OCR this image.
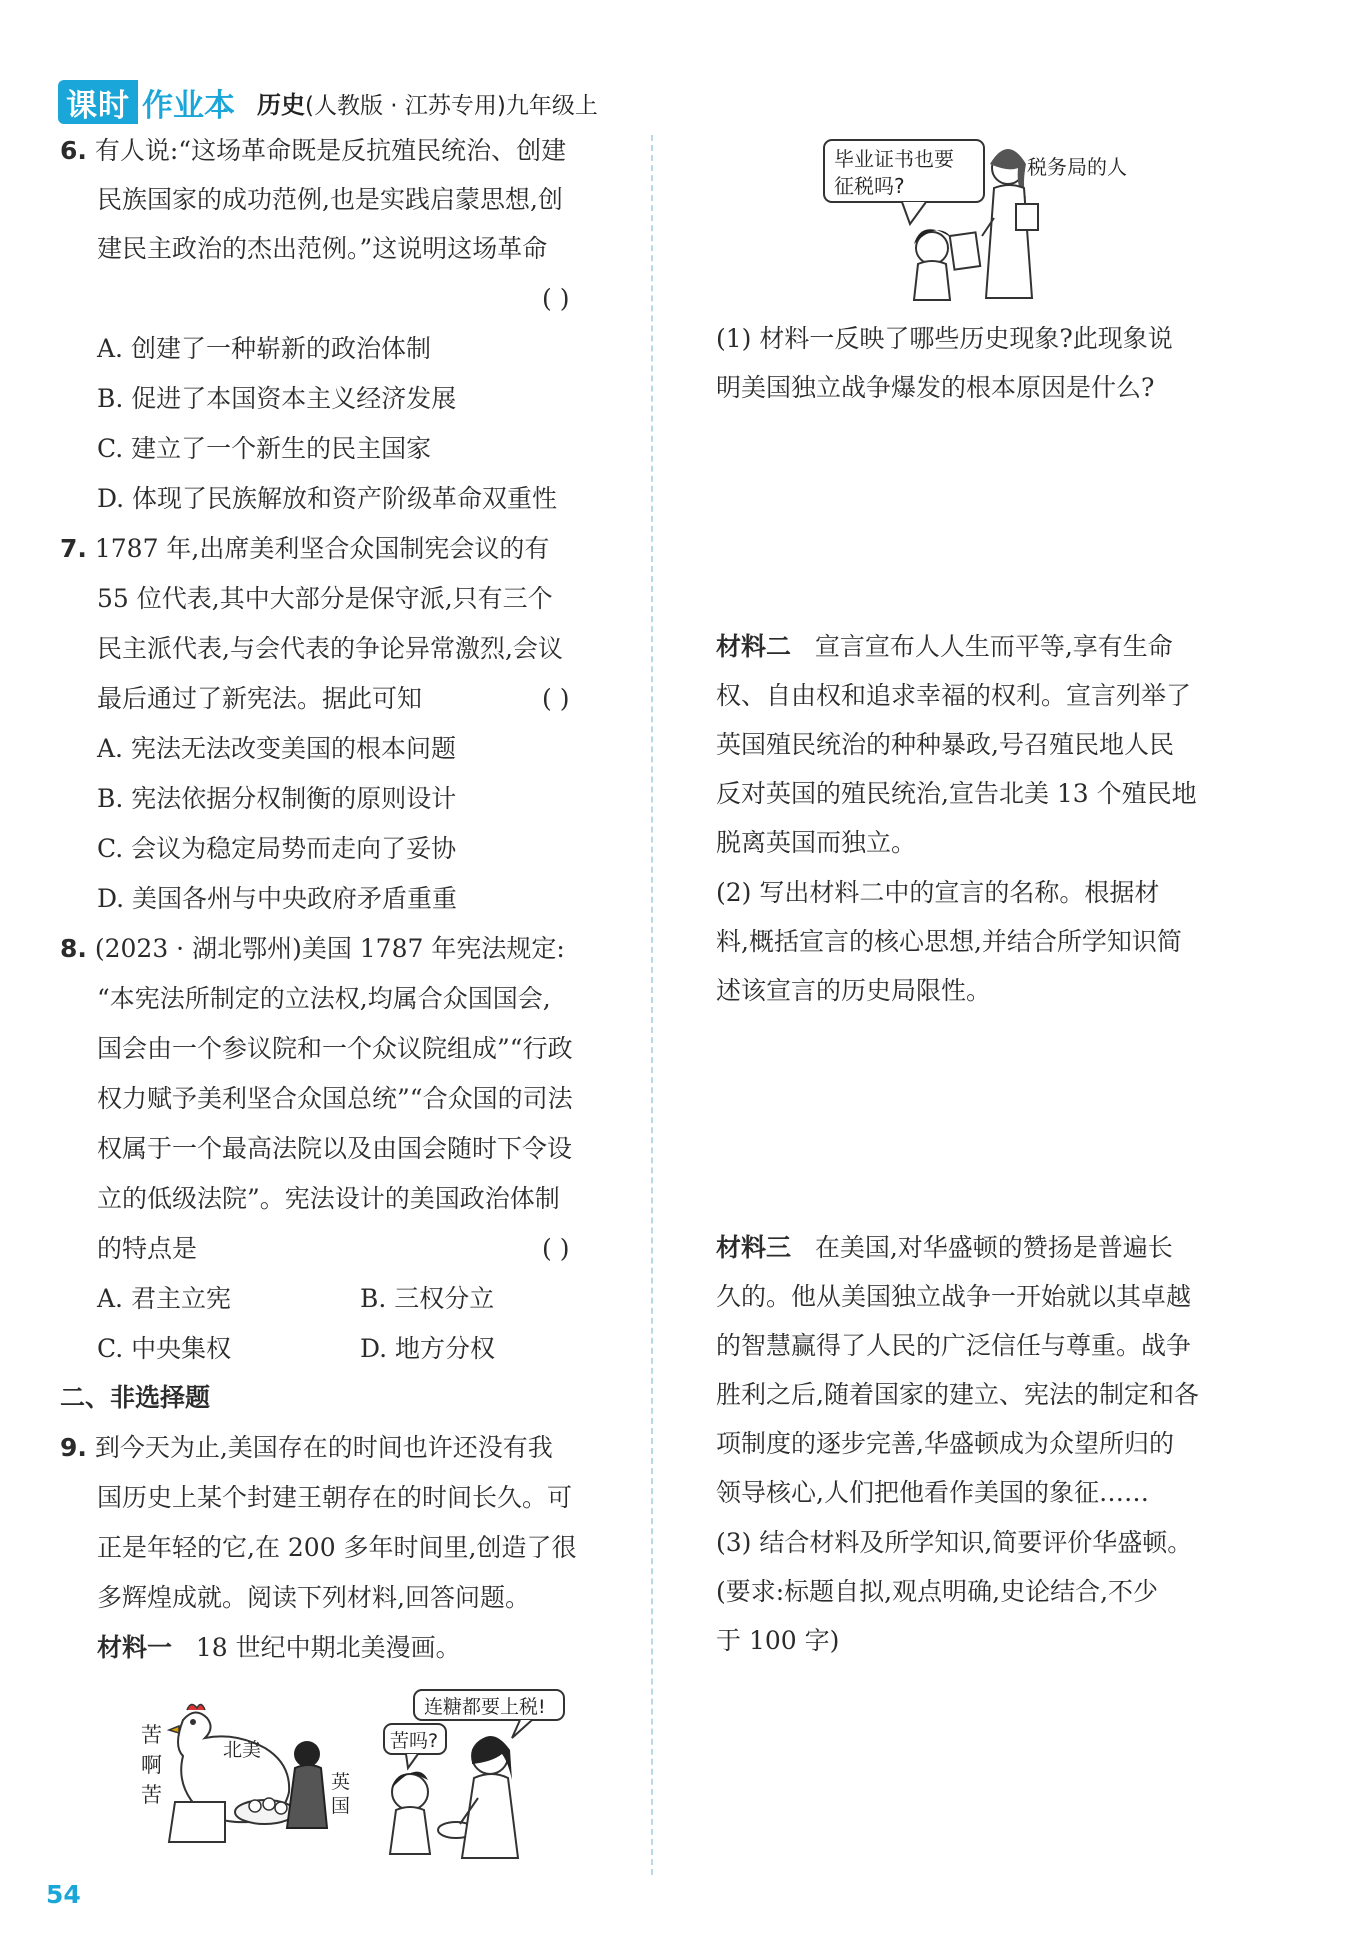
课时 作业本 历史(人教版 · 江苏专用)九年级上
6. 有人说:“这场革命既是反抗殖民统治、创建
民族国家的成功范例,也是实践启蒙思想,创
建民主政治的杰出范例。”这说明这场革命
( )
A. 创建了一种崭新的政治体制
B. 促进了本国资本主义经济发展
C. 建立了一个新生的民主国家
D. 体现了民族解放和资产阶级革命双重性
7. 1787 年,出席美利坚合众国制宪会议的有
55 位代表,其中大部分是保守派,只有三个
民主派代表,与会代表的争论异常激烈,会议
最后通过了新宪法。据此可知	( )
A. 宪法无法改变美国的根本问题
B. 宪法依据分权制衡的原则设计
C. 会议为稳定局势而走向了妥协
D. 美国各州与中央政府矛盾重重
8. (2023 · 湖北鄂州)美国 1787 年宪法规定:
“本宪法所制定的立法权,均属合众国国会,
国会由一个参议院和一个众议院组成”“行政
权力赋予美利坚合众国总统”“合众国的司法
权属于一个最高法院以及由国会随时下令设
立的低级法院”。宪法设计的美国政治体制
的特点是	( )
A. 君主立宪	B. 三权分立
C. 中央集权	D. 地方分权
二、非选择题
9. 到今天为止,美国存在的时间也许还没有我
国历史上某个封建王朝存在的时间长久。可
正是年轻的它,在 200 多年时间里,创造了很
多辉煌成就。阅读下列材料,回答问题。
材料一 18 世纪中期北美漫画。
苦
啊
苦
北美
英
国
连糖都要上税!
苦吗?
毕业证书也要
征税吗?
税务局的人
(1) 材料一反映了哪些历史现象?此现象说
明美国独立战争爆发的根本原因是什么?
材料二 宣言宣布人人生而平等,享有生命
权、自由权和追求幸福的权利。宣言列举了
英国殖民统治的种种暴政,号召殖民地人民
反对英国的殖民统治,宣告北美 13 个殖民地
脱离英国而独立。
(2) 写出材料二中的宣言的名称。根据材
料,概括宣言的核心思想,并结合所学知识简
述该宣言的历史局限性。
材料三 在美国,对华盛顿的赞扬是普遍长
久的。他从美国独立战争一开始就以其卓越
的智慧赢得了人民的广泛信任与尊重。战争
胜利之后,随着国家的建立、宪法的制定和各
项制度的逐步完善,华盛顿成为众望所归的
领导核心,人们把他看作美国的象征……
(3) 结合材料及所学知识,简要评价华盛顿。
(要求:标题自拟,观点明确,史论结合,不少
于 100 字)
54
